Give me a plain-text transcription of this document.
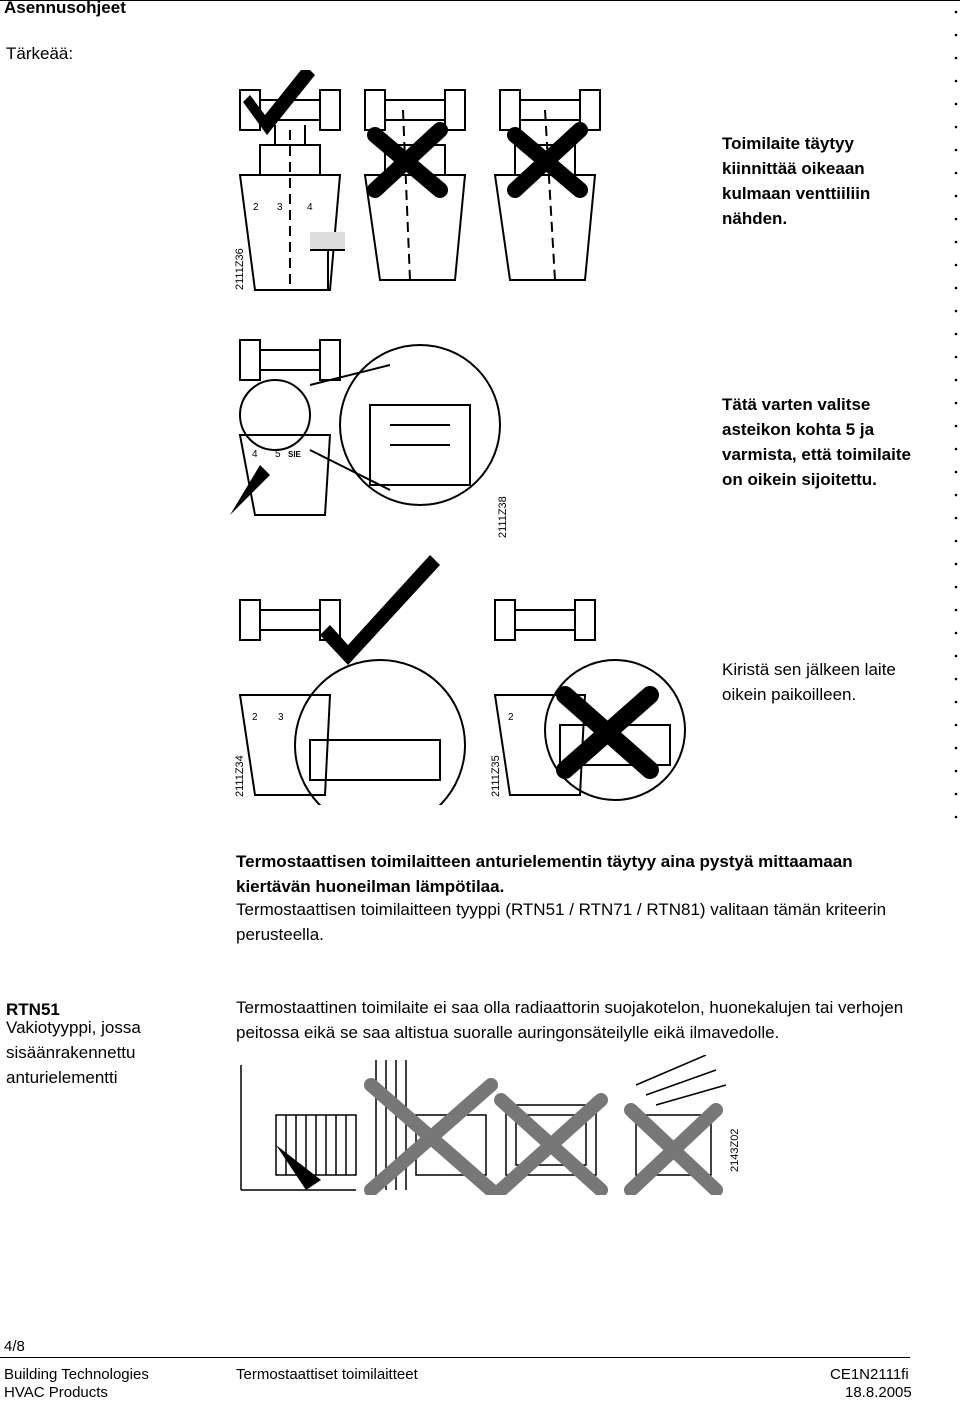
Asennusohjeet
Tärkeää:
2 3 4
2111Z36
Toimilaite täytyy kiinnittää oikeaan kulmaan venttiiliin nähden.
4 5 SIE
2111Z38
Tätä varten valitse asteikon kohta 5 ja varmista, että toimilaite on oikein sijoitettu.
2 3	2
2111Z34	2111Z35
Kiristä sen jälkeen laite oikein paikoilleen.
Termostaattisen toimilaitteen anturielementin täytyy aina pystyä mittaamaan kiertävän huoneilman lämpötilaa.
Termostaattisen toimilaitteen tyyppi (RTN51 / RTN71 / RTN81) valitaan tämän kriteerin perusteella.
RTN51
Vakiotyyppi, jossa sisäänrakennettu anturielementti
Termostaattinen toimilaite ei saa olla radiaattorin suojakotelon, huonekalujen tai verhojen peitossa eikä se saa altistua suoralle auringonsäteilylle eikä ilmavedolle.
2143Z02
4/8
Building Technologies
HVAC Products
Termostaattiset toimilaitteet	CE1N2111fi
18.8.2005
